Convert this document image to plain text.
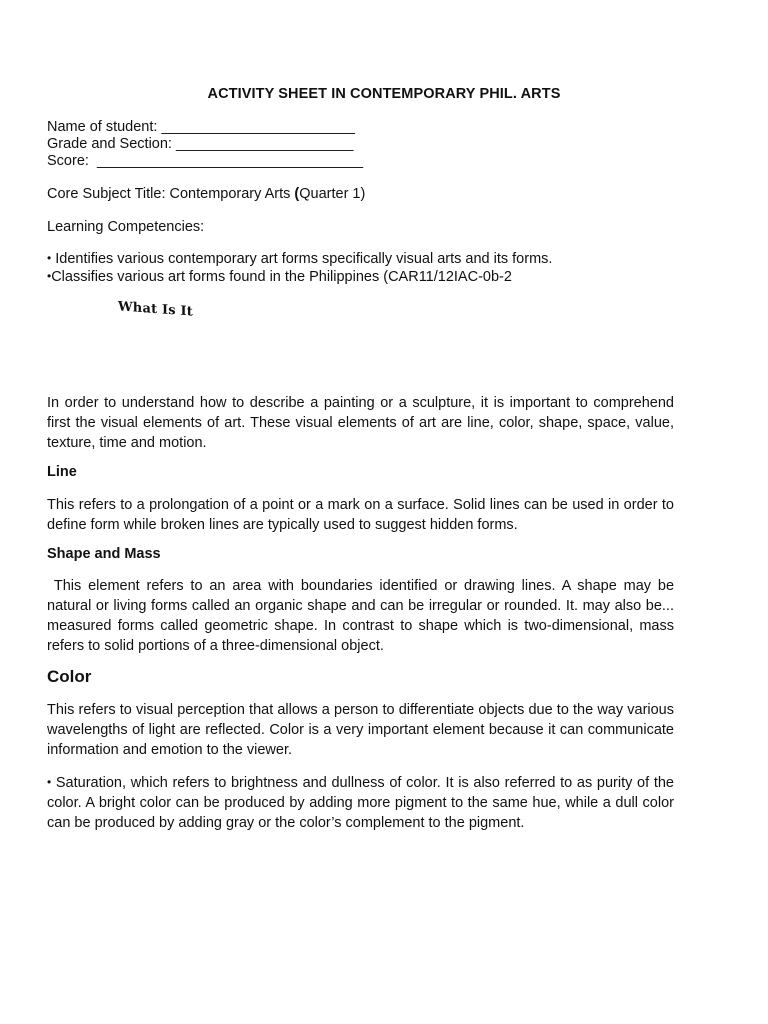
ACTIVITY SHEET IN CONTEMPORARY PHIL. ARTS

Name of student: ________________________

Grade and Section: ______________________

Score:  _________________________________

Core Subject Title: Contemporary Arts (Quarter 1)

Learning Competencies:

• Identifies various contemporary art forms specifically visual arts and its forms.

•Classifies various art forms found in the Philippines (CAR11/12IAC-0b-2

What Is It

In order to understand how to describe a painting or a sculpture, it is important to comprehend first the visual elements of art. These visual elements of art are line, color, shape, space, value, texture, time and motion.

Line

This refers to a prolongation of a point or a mark on a surface. Solid lines can be used in order to define form while broken lines are typically used to suggest hidden forms.

Shape and Mass

This element refers to an area with boundaries identified or drawing lines. A shape may be natural or living forms called an organic shape and can be irregular or rounded. It. may also be... measured forms called geometric shape. In contrast to shape which is two-dimensional, mass refers to solid portions of a three-dimensional object.

Color

This refers to visual perception that allows a person to differentiate objects due to the way various wavelengths of light are reflected. Color is a very important element because it can communicate information and emotion to the viewer.

• Saturation, which refers to brightness and dullness of color. It is also referred to as purity of the color. A bright color can be produced by adding more pigment to the same hue, while a dull color can be produced by adding gray or the color’s complement to the pigment.
